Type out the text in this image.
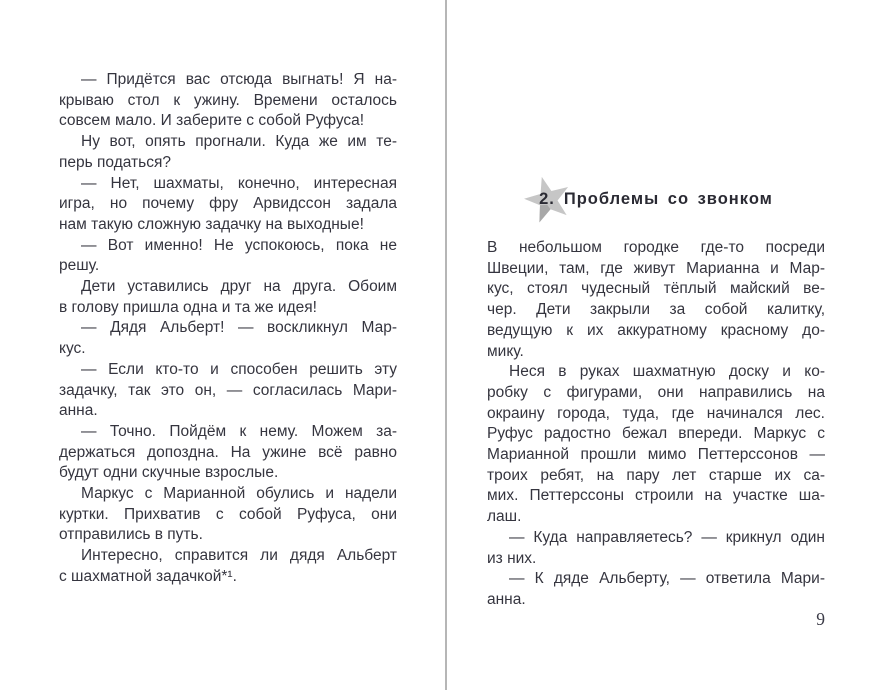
— Придётся вас отсюда выгнать! Я на-
крываю стол к ужину. Времени осталось
совсем мало. И заберите с собой Руфуса!
Ну вот, опять прогнали. Куда же им те-
перь податься?
— Нет, шахматы, конечно, интересная
игра, но почему фру Арвидссон задала
нам такую сложную задачку на выходные!
— Вот именно! Не успокоюсь, пока не
решу.
Дети уставились друг на друга. Обоим
в голову пришла одна и та же идея!
— Дядя Альберт! — воскликнул Мар-
кус.
— Если кто-то и способен решить эту
задачку, так это он, — согласилась Мари-
анна.
— Точно. Пойдём к нему. Можем за-
держаться допоздна. На ужине всё равно
будут одни скучные взрослые.
Маркус с Марианной обулись и надели
куртки. Прихватив с собой Руфуса, они
отправились в путь.
Интересно, справится ли дядя Альберт
с шахматной задачкой*¹.
2. Проблемы со звонком
В небольшом городке где-то посреди
Швеции, там, где живут Марианна и Мар-
кус, стоял чудесный тёплый майский ве-
чер. Дети закрыли за собой калитку,
ведущую к их аккуратному красному до-
мику.
Неся в руках шахматную доску и ко-
робку с фигурами, они направились на
окраину города, туда, где начинался лес.
Руфус радостно бежал впереди. Маркус с
Марианной прошли мимо Петтерссонов —
троих ребят, на пару лет старше их са-
мих. Петтерссоны строили на участке ша-
лаш.
— Куда направляетесь? — крикнул один
из них.
— К дяде Альберту, — ответила Мари-
анна.
9
